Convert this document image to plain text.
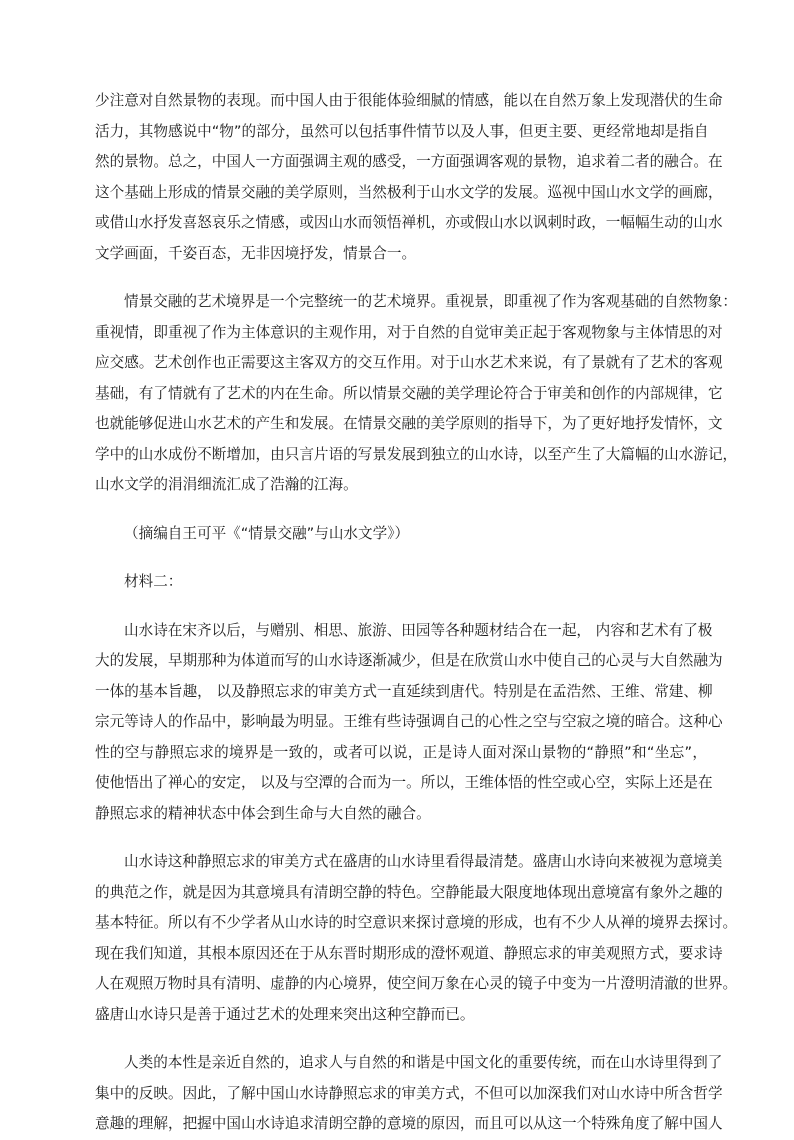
少注意对自然景物的表现。而中国人由于很能体验细腻的情感，能以在自然万象上发现潜伏的生命
活力，其物感说中“物”的部分，虽然可以包括事件情节以及人事，但更主要、更经常地却是指自
然的景物。总之，中国人一方面强调主观的感受，一方面强调客观的景物，追求着二者的融合。在
这个基础上形成的情景交融的美学原则，当然极利于山水文学的发展。巡视中国山水文学的画廊，
或借山水抒发喜怒哀乐之情感，或因山水而领悟禅机，亦或假山水以讽刺时政，一幅幅生动的山水
文学画面，千姿百态，无非因境抒发，情景合一。
情景交融的艺术境界是一个完整统一的艺术境界。重视景，即重视了作为客观基础的自然物象：
重视情，即重视了作为主体意识的主观作用，对于自然的自觉审美正起于客观物象与主体情思的对
应交感。艺术创作也正需要这主客双方的交互作用。对于山水艺术来说，有了景就有了艺术的客观
基础，有了情就有了艺术的内在生命。所以情景交融的美学理论符合于审美和创作的内部规律，它
也就能够促进山水艺术的产生和发展。在情景交融的美学原则的指导下，为了更好地抒发情怀，文
学中的山水成份不断增加，由只言片语的写景发展到独立的山水诗，以至产生了大篇幅的山水游记，
山水文学的涓涓细流汇成了浩瀚的江海。
（摘编自王可平《“情景交融”与山水文学》）
材料二：
山水诗在宋齐以后，与赠别、相思、旅游、田园等各种题材结合在一起， 内容和艺术有了极
大的发展，早期那种为体道而写的山水诗逐渐减少，但是在欣赏山水中使自己的心灵与大自然融为
一体的基本旨趣， 以及静照忘求的审美方式一直延续到唐代。特别是在孟浩然、王维、常建、柳
宗元等诗人的作品中，影响最为明显。王维有些诗强调自己的心性之空与空寂之境的暗合。这种心
性的空与静照忘求的境界是一致的，或者可以说，正是诗人面对深山景物的“静照”和“坐忘”，
使他悟出了禅心的安定， 以及与空潭的合而为一。所以，王维体悟的性空或心空，实际上还是在
静照忘求的精神状态中体会到生命与大自然的融合。
山水诗这种静照忘求的审美方式在盛唐的山水诗里看得最清楚。盛唐山水诗向来被视为意境美
的典范之作，就是因为其意境具有清朗空静的特色。空静能最大限度地体现出意境富有象外之趣的
基本特征。所以有不少学者从山水诗的时空意识来探讨意境的形成，也有不少人从禅的境界去探讨。
现在我们知道，其根本原因还在于从东晋时期形成的澄怀观道、静照忘求的审美观照方式，要求诗
人在观照万物时具有清明、虚静的内心境界，使空间万象在心灵的镜子中变为一片澄明清澈的世界。
盛唐山水诗只是善于通过艺术的处理来突出这种空静而已。
人类的本性是亲近自然的，追求人与自然的和谐是中国文化的重要传统，而在山水诗里得到了
集中的反映。因此，了解中国山水诗静照忘求的审美方式，不但可以加深我们对山水诗中所含哲学
意趣的理解，把握中国山水诗追求清朗空静的意境的原因，而且可以从这一个特殊角度了解中国人
